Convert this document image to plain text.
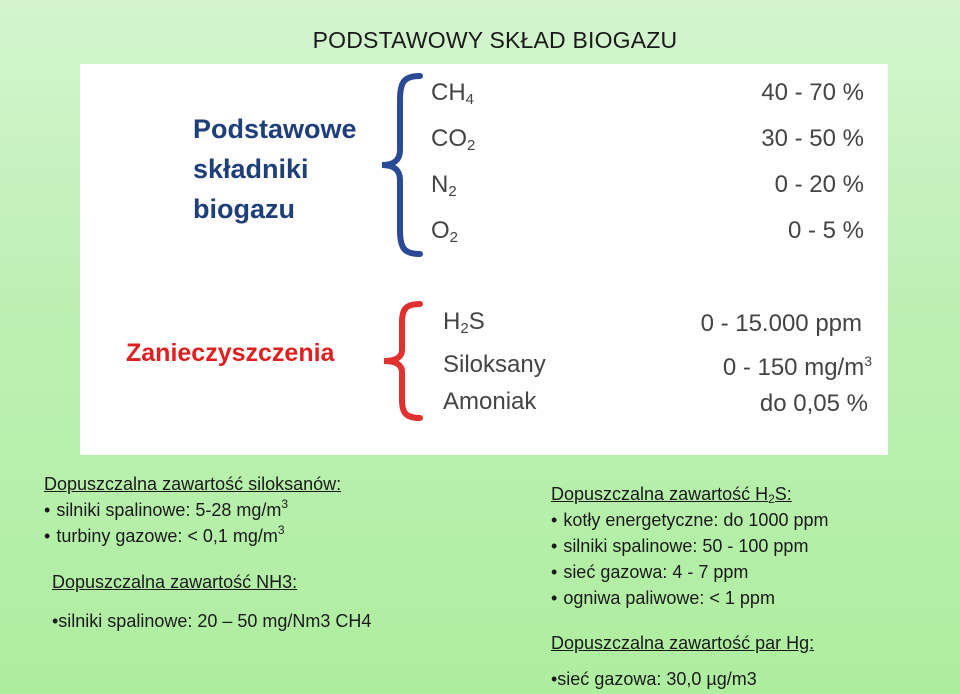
PODSTAWOWY SKŁAD BIOGAZU
Podstawowe
składniki
biogazu
$CH_4$
$CO_2$
$N_2$
$O_2$
40 - 70 %
30 - 50 %
0 - 20 %
0 - 5 %
Zanieczyszczenia
$H_2S$
Siloksany
Amoniak
0 - 15.000 ppm
0 - 150 $mg/m^3$
do 0,05 %
Dopuszczalna zawartość siloksanów:
• silniki spalinowe: 5-28 $mg/m^3$
• turbiny gazowe: < 0,1 $mg/m^3$
Dopuszczalna zawartość NH3:
•silniki spalinowe: 20 – 50 mg/Nm3 CH4
Dopuszczalna zawartość $H_2S$:
• kotły energetyczne: do 1000 ppm
• silniki spalinowe: 50 - 100 ppm
• sieć gazowa: 4 - 7 ppm
• ogniwa paliwowe: < 1 ppm
Dopuszczalna zawartość par Hg:
•sieć gazowa: 30,0 µg/m3
